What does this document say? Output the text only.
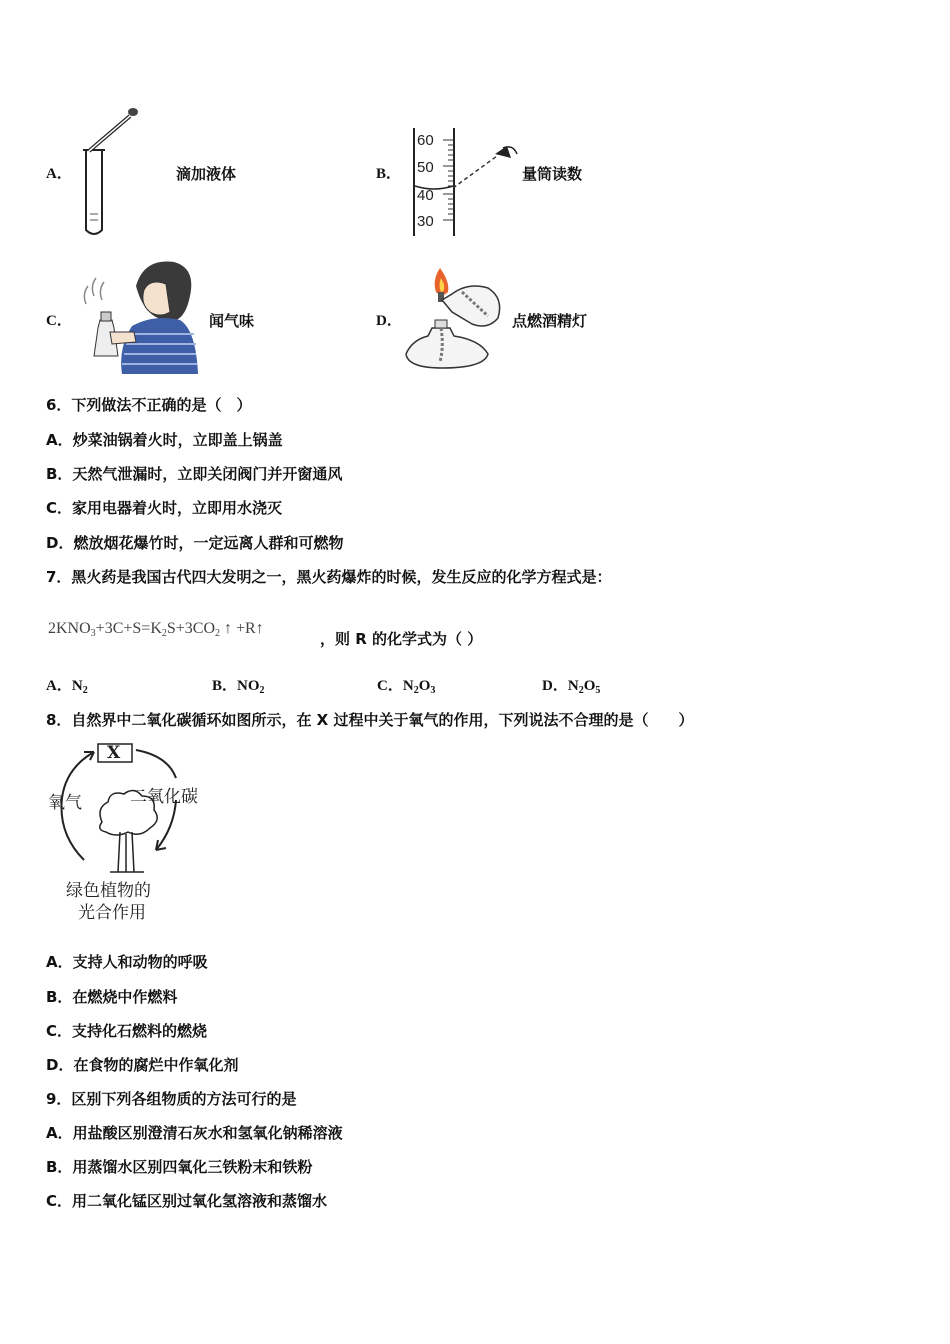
A．	滴加液体	B．
60
50
40
30
量筒读数
C．	闻气味	D．	点燃酒精灯
6．下列做法不正确的是（　）
A．炒菜油锅着火时，立即盖上锅盖
B．天然气泄漏时，立即关闭阀门并开窗通风
C．家用电器着火时，立即用水浇灭
D．燃放烟花爆竹时，一定远离人群和可燃物
7．黑火药是我国古代四大发明之一，黑火药爆炸的时候，发生反应的化学方程式是：
$2KNO_3+3C+S=K_2S+3CO_2$ ↑ +R↑
，则 R 的化学式为（ ）
A．$N_2$	B．$NO_2$	C．$N_2O_3$	D．$N_2O_5$
8．自然界中二氧化碳循环如图所示，在 X 过程中关于氧气的作用，下列说法不合理的是（　　）
X
氧气	二氧化碳
绿色植物的
光合作用
A．支持人和动物的呼吸
B．在燃烧中作燃料
C．支持化石燃料的燃烧
D．在食物的腐烂中作氧化剂
9．区别下列各组物质的方法可行的是
A．用盐酸区别澄清石灰水和氢氧化钠稀溶液
B．用蒸馏水区别四氧化三铁粉末和铁粉
C．用二氧化锰区别过氧化氢溶液和蒸馏水
